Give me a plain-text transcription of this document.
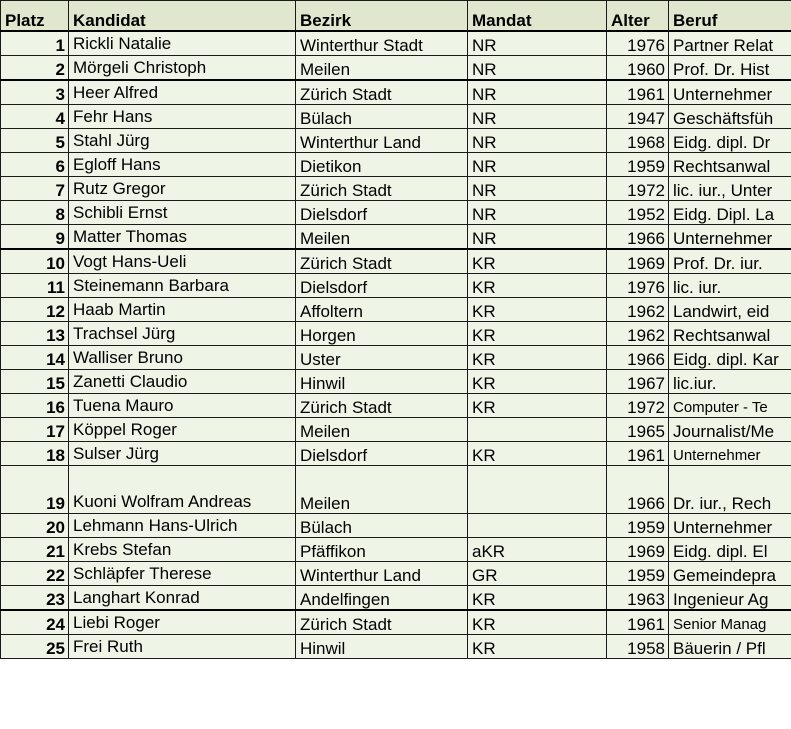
Platz	Kandidat	Bezirk	Mandat	Alter	Beruf
1	Rickli Natalie	Winterthur Stadt	NR	1976	Partner Relat
2	Mörgeli Christoph	Meilen	NR	1960	Prof. Dr. Hist
3	Heer Alfred	Zürich Stadt	NR	1961	Unternehmer
4	Fehr Hans	Bülach	NR	1947	Geschäftsfüh
5	Stahl Jürg	Winterthur Land	NR	1968	Eidg. dipl. Dr
6	Egloff Hans	Dietikon	NR	1959	Rechtsanwal
7	Rutz Gregor	Zürich Stadt	NR	1972	lic. iur., Unter
8	Schibli Ernst	Dielsdorf	NR	1952	Eidg. Dipl. La
9	Matter Thomas	Meilen	NR	1966	Unternehmer
10	Vogt Hans-Ueli	Zürich Stadt	KR	1969	Prof. Dr. iur.
11	Steinemann Barbara	Dielsdorf	KR	1976	lic. iur.
12	Haab Martin	Affoltern	KR	1962	Landwirt, eid
13	Trachsel Jürg	Horgen	KR	1962	Rechtsanwal
14	Walliser Bruno	Uster	KR	1966	Eidg. dipl. Kar
15	Zanetti Claudio	Hinwil	KR	1967	lic.iur.
16	Tuena Mauro	Zürich Stadt	KR	1972	Computer - Te
17	Köppel Roger	Meilen		1965	Journalist/Me
18	Sulser Jürg	Dielsdorf	KR	1961	Unternehmer
19	Kuoni Wolfram Andreas	Meilen		1966	Dr. iur., Rech
20	Lehmann Hans-Ulrich	Bülach		1959	Unternehmer
21	Krebs Stefan	Pfäffikon	aKR	1969	Eidg. dipl. El
22	Schläpfer Therese	Winterthur Land	GR	1959	Gemeindepra
23	Langhart Konrad	Andelfingen	KR	1963	Ingenieur Ag
24	Liebi Roger	Zürich Stadt	KR	1961	Senior Manag
25	Frei Ruth	Hinwil	KR	1958	Bäuerin / Pfl
